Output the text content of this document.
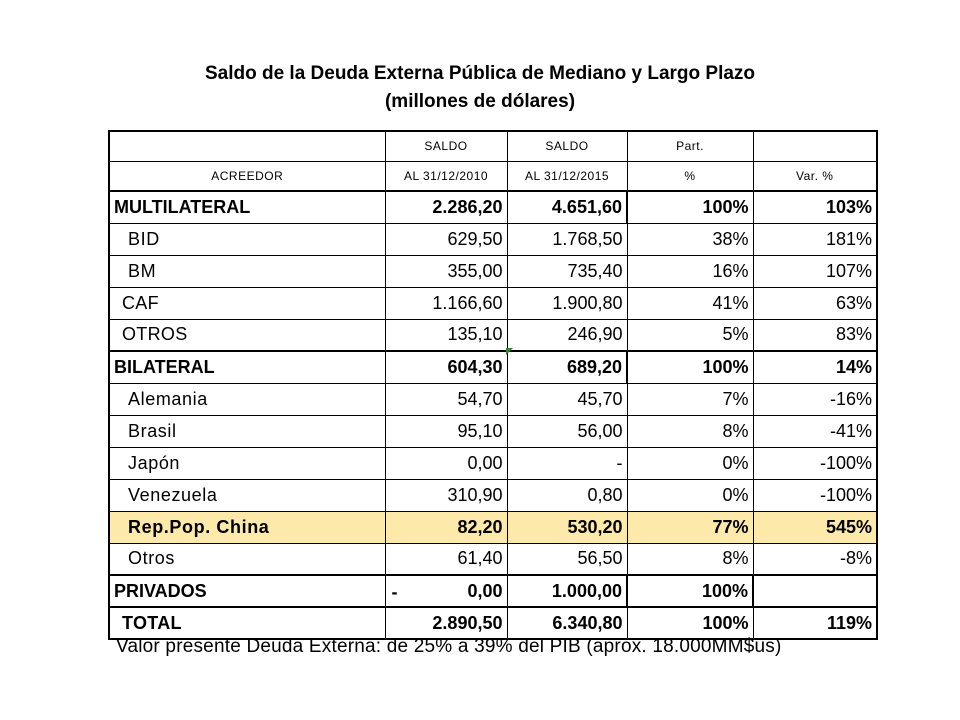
Saldo de la Deuda Externa Pública de Mediano y Largo Plazo
(millones de dólares)
	SALDO	SALDO	Part.	
ACREEDOR	AL 31/12/2010	AL 31/12/2015	%	Var. %
MULTILATERAL	2.286,20	4.651,60	100%	103%
BID	629,50	1.768,50	38%	181%
BM	355,00	735,40	16%	107%
CAF	1.166,60	1.900,80	41%	63%
OTROS	135,10	246,90	5%	83%
BILATERAL	604,30	689,20	100%	14%
Alemania	54,70	45,70	7%	-16%
Brasil	95,10	56,00	8%	-41%
Japón	0,00	-	0%	-100%
Venezuela	310,90	0,80	0%	-100%
Rep.Pop. China	82,20	530,20	77%	545%
Otros	61,40	56,50	8%	-8%
PRIVADOS	- 0,00	1.000,00	100%	
TOTAL	2.890,50	6.340,80	100%	119%
Valor presente Deuda Externa: de 25% a 39% del PIB (aprox. 18.000MM$us)
